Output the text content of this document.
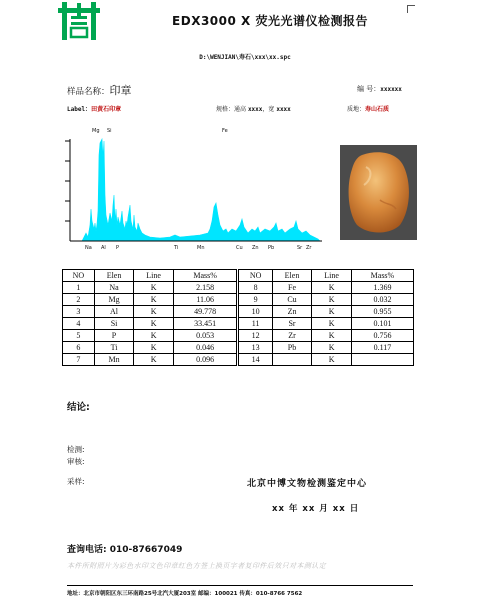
EDX3000 X 荧光光谱仪检测报告
D:\WENJIAN\寿石\xxx\xx.spc
样品名称：印章	编 号：xxxxxx
Label：田黄石印章	规格：通高 xxxx，宽 xxxx	质地：寿山石质
Mg Si	Fe
Na Al P	Ti	Mn	Cu Zn Pb	Sr Zr
NO	Elen	Line	Mass%	NO	Elen	Line	Mass%
1	Na	K	2.158	8	Fe	K	1.369
2	Mg	K	11.06	9	Cu	K	0.032
3	Al	K	49.778	10	Zn	K	0.955
4	Si	K	33.451	11	Sr	K	0.101
5	P	K	0.053	12	Zr	K	0.756
6	Ti	K	0.046	13	Pb	K	0.117
7	Mn	K	0.096	14		K	
结论:
检测:
审核:
采样:	北京中博文物检测鉴定中心
xx 年 xx 月 xx 日
查询电话: 010-87667049
本件所附照片为彩色水印文色印章红色方签上换页字者复印件后效只对本测认定
地址：北京市朝阳区东三环南路25号北汽大厦203室 邮编：100021 传真：010-8766 7562
